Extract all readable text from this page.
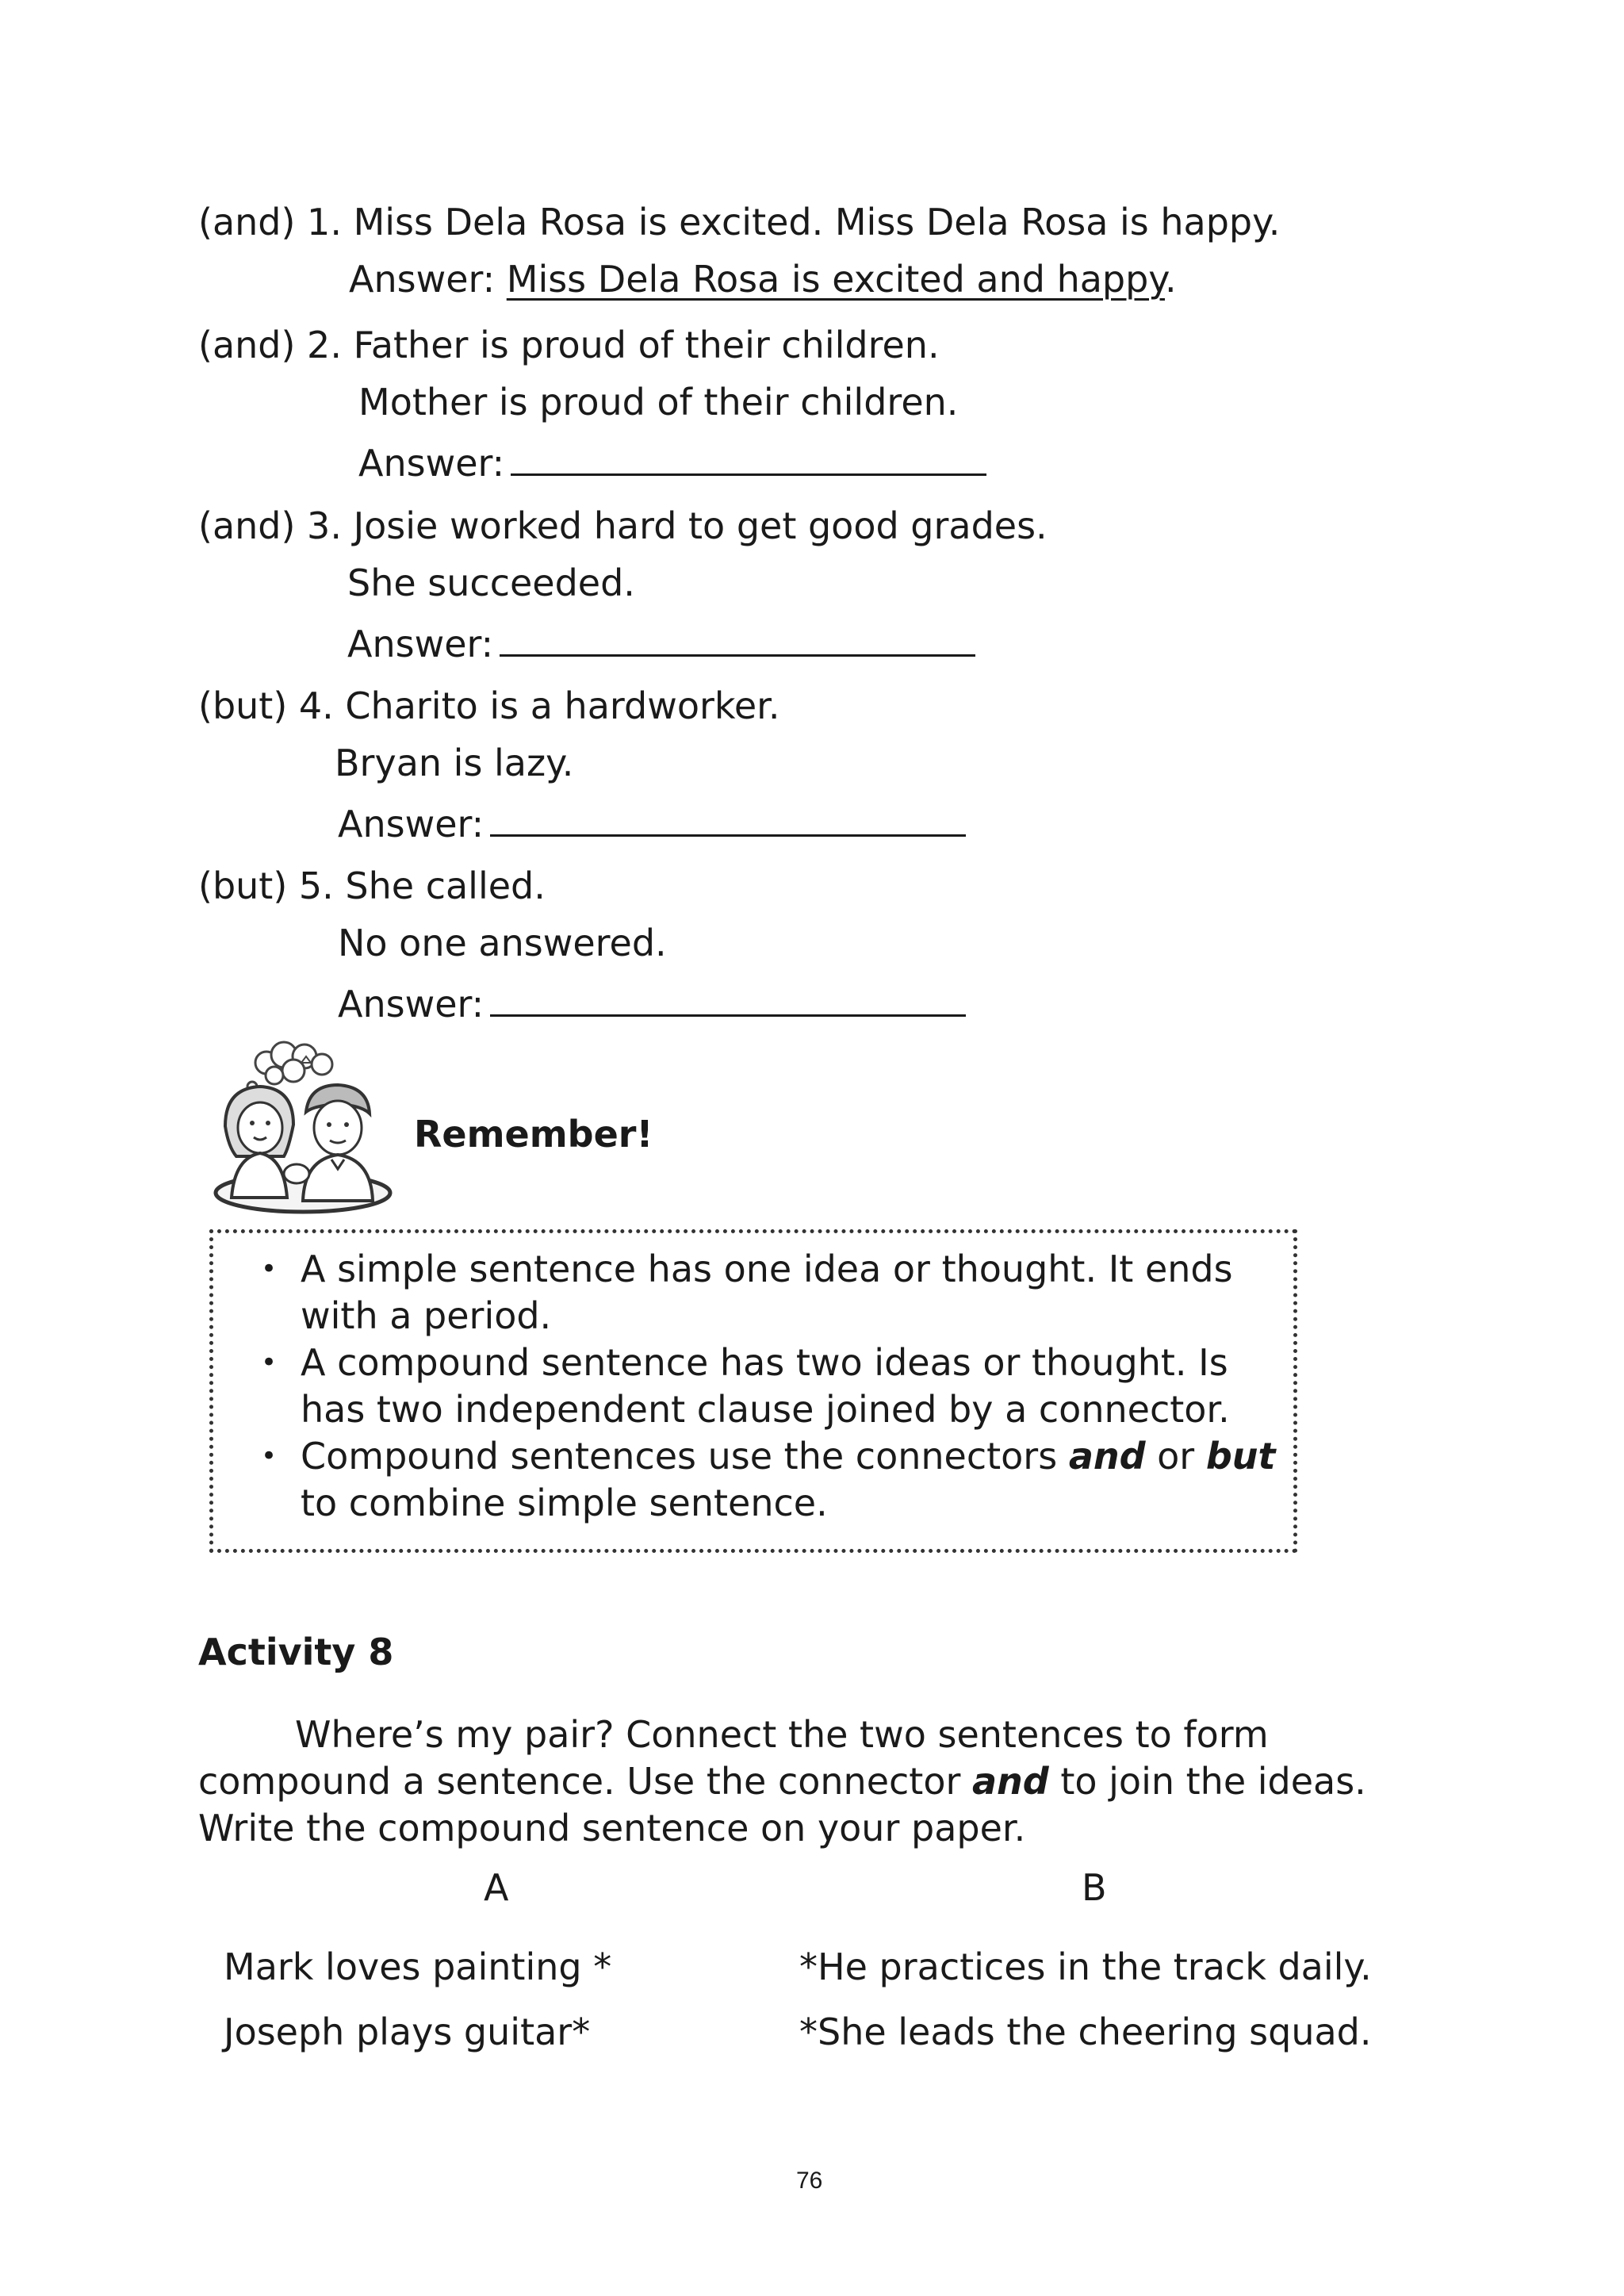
(and) 1. Miss Dela Rosa is excited. Miss Dela Rosa is happy.
Answer: Miss Dela Rosa is excited and happy.
(and) 2. Father is proud of their children.
Mother is proud of their children.
Answer:
(and) 3. Josie worked hard to get good grades.
She succeeded.
Answer:
(but) 4. Charito is a hardworker.
Bryan is lazy.
Answer:
(but) 5. She called.
No one answered.
Answer:
Remember!
• A simple sentence has one idea or thought. It ends with a period.
• A compound sentence has two ideas or thought. Is has two independent clause joined by a connector.
• Compound sentences use the connectors and or but to combine simple sentence.
Activity 8
Where’s my pair? Connect the two sentences to form
compound a sentence. Use the connector and to join the ideas.
Write the compound sentence on your paper.
A	B
Mark loves painting *
Joseph plays guitar*
*He practices in the track daily.
*She leads the cheering squad.
76
